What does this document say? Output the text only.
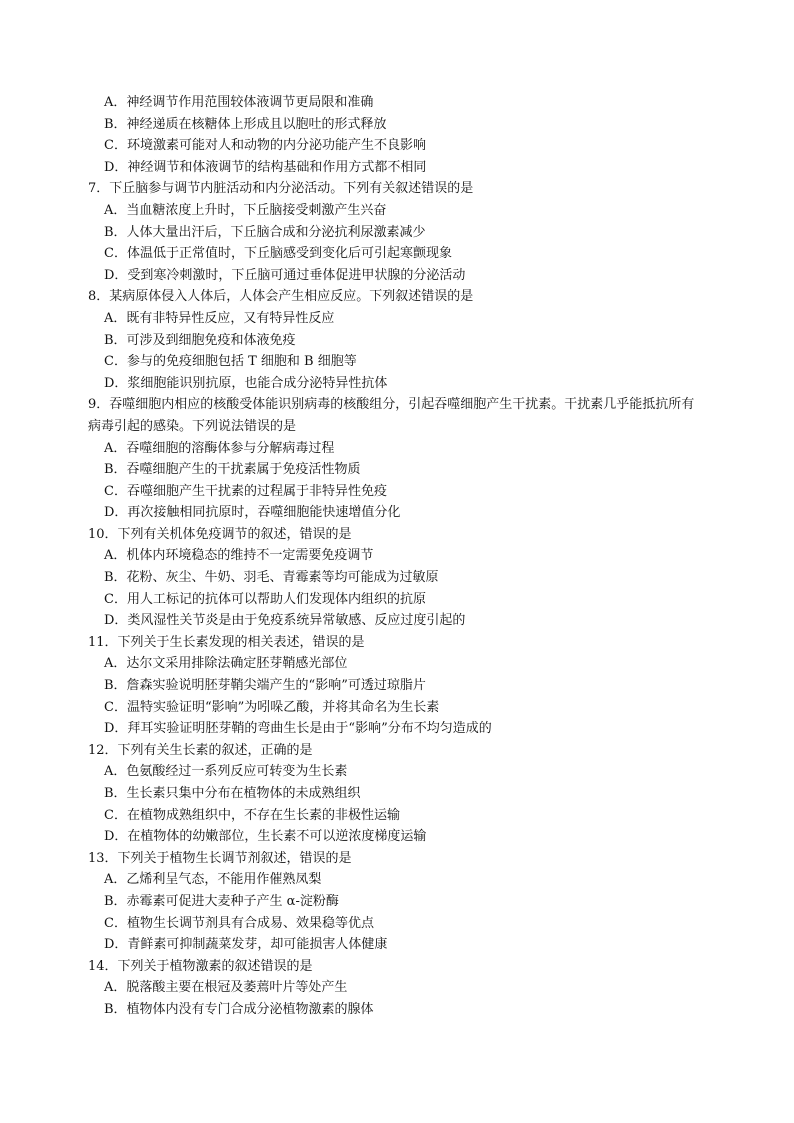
A．神经调节作用范围较体液调节更局限和准确
B．神经递质在核糖体上形成且以胞吐的形式释放
C．环境激素可能对人和动物的内分泌功能产生不良影响
D．神经调节和体液调节的结构基础和作用方式都不相同
7．下丘脑参与调节内脏活动和内分泌活动。下列有关叙述错误的是
A．当血糖浓度上升时，下丘脑接受刺激产生兴奋
B．人体大量出汗后，下丘脑合成和分泌抗利尿激素减少
C．体温低于正常值时，下丘脑感受到变化后可引起寒颤现象
D．受到寒冷刺激时，下丘脑可通过垂体促进甲状腺的分泌活动
8．某病原体侵入人体后，人体会产生相应反应。下列叙述错误的是
A．既有非特异性反应，又有特异性反应
B．可涉及到细胞免疫和体液免疫
C．参与的免疫细胞包括 T 细胞和 B 细胞等
D．浆细胞能识别抗原，也能合成分泌特异性抗体
9．吞噬细胞内相应的核酸受体能识别病毒的核酸组分，引起吞噬细胞产生干扰素。干扰素几乎能抵抗所有
病毒引起的感染。下列说法错误的是
A．吞噬细胞的溶酶体参与分解病毒过程
B．吞噬细胞产生的干扰素属于免疫活性物质
C．吞噬细胞产生干扰素的过程属于非特异性免疫
D．再次接触相同抗原时，吞噬细胞能快速增值分化
10．下列有关机体免疫调节的叙述，错误的是
A．机体内环境稳态的维持不一定需要免疫调节
B．花粉、灰尘、牛奶、羽毛、青霉素等均可能成为过敏原
C．用人工标记的抗体可以帮助人们发现体内组织的抗原
D．类风湿性关节炎是由于免疫系统异常敏感、反应过度引起的
11．下列关于生长素发现的相关表述，错误的是
A．达尔文采用排除法确定胚芽鞘感光部位
B．詹森实验说明胚芽鞘尖端产生的“影响”可透过琼脂片
C．温特实验证明“影响”为吲哚乙酸，并将其命名为生长素
D．拜耳实验证明胚芽鞘的弯曲生长是由于“影响”分布不均匀造成的
12．下列有关生长素的叙述，正确的是
A．色氨酸经过一系列反应可转变为生长素
B．生长素只集中分布在植物体的未成熟组织
C．在植物成熟组织中，不存在生长素的非极性运输
D．在植物体的幼嫩部位，生长素不可以逆浓度梯度运输
13．下列关于植物生长调节剂叙述，错误的是
A．乙烯利呈气态，不能用作催熟凤梨
B．赤霉素可促进大麦种子产生 α-淀粉酶
C．植物生长调节剂具有合成易、效果稳等优点
D．青鲜素可抑制蔬菜发芽，却可能损害人体健康
14．下列关于植物激素的叙述错误的是
A．脱落酸主要在根冠及萎蔫叶片等处产生
B．植物体内没有专门合成分泌植物激素的腺体
